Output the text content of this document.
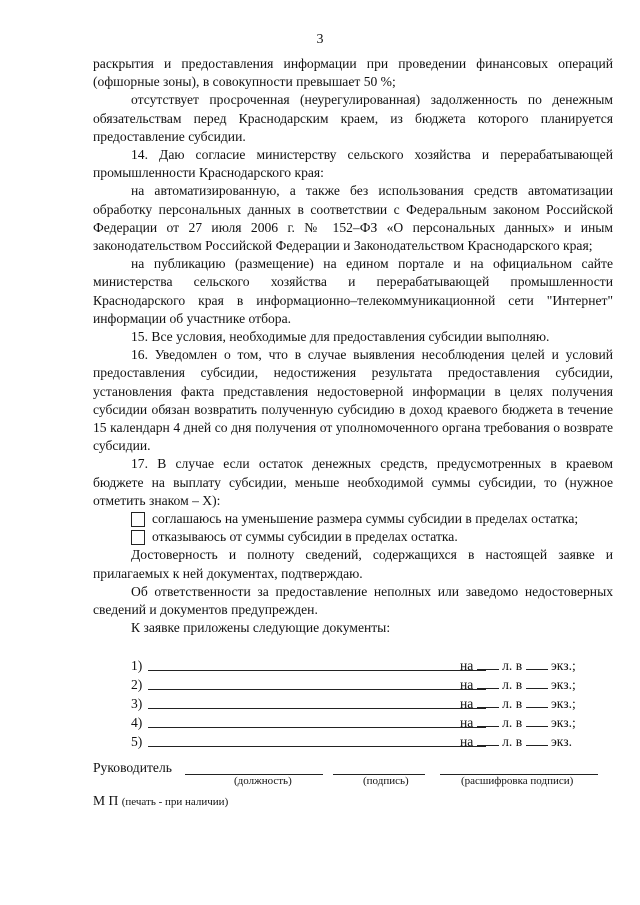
3

раскрытия и предоставления информации при проведении финансовых операций (офшорные зоны), в совокупности превышает 50 %;

отсутствует просроченная (неурегулированная) задолженность по денежным обязательствам перед Краснодарским краем, из бюджета которого планируется предоставление субсидии.

14. Даю согласие министерству сельского хозяйства и перерабатывающей промышленности Краснодарского края:

на автоматизированную, а также без использования средств автоматизации обработку персональных данных в соответствии с Федеральным законом Российской Федерации от 27 июля 2006 г. № 152–ФЗ «О персональных данных» и иным законодательством Российской Федерации и Законодательством Краснодарского края;

на публикацию (размещение) на едином портале и на официальном сайте министерства сельского хозяйства и перерабатывающей промышленности Краснодарского края в информационно–телекоммуникационной сети "Интернет" информации об участнике отбора.

15. Все условия, необходимые для предоставления субсидии выполняю.

16. Уведомлен о том, что в случае выявления несоблюдения целей и условий предоставления субсидии, недостижения результата предоставления субсидии, установления факта представления недостоверной информации в целях получения субсидии обязан возвратить полученную субсидию в доход краевого бюджета в течение 15 календарн 4 дней со дня получения от уполномоченного органа требования о возврате субсидии.

17. В случае если остаток денежных средств, предусмотренных в краевом бюджете на выплату субсидии, меньше необходимой суммы субсидии, то (нужное отметить знаком – X):

соглашаюсь на уменьшение размера суммы субсидии в пределах остатка;
отказываюсь от суммы субсидии в пределах остатка.

Достоверность и полноту сведений, содержащихся в настоящей заявке и прилагаемых к ней документах, подтверждаю.

Об ответственности за предоставление неполных или заведомо недостоверных сведений и документов предупрежден.

К заявке приложены следующие документы:

1)	на л. в экз.;
2)	на л. в экз.;
3)	на л. в экз.;
4)	на л. в экз.;
5)	на л. в экз.
Руководитель
(должность)	(подпись)	(расшифровка подписи)
М П (печать - при наличии)
